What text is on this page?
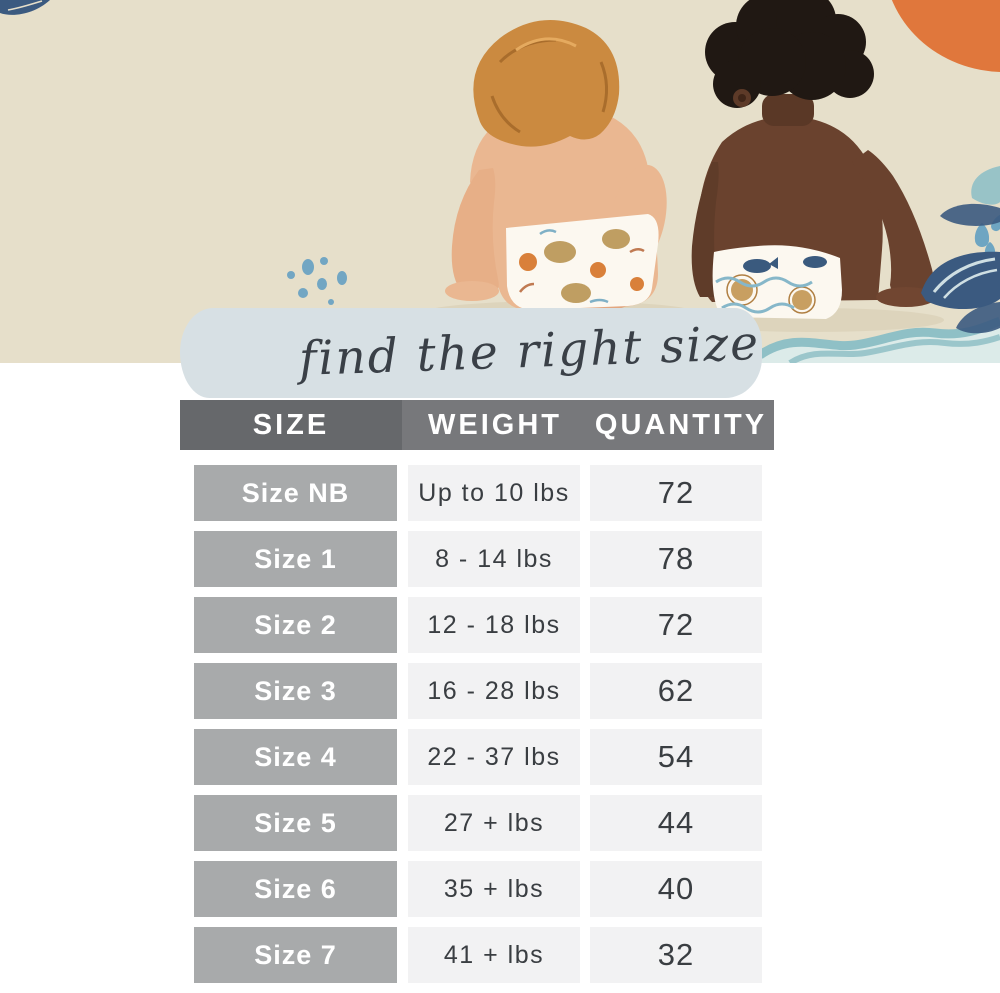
find the right size
SIZE	WEIGHT	QUANTITY
Size NB	Up to 10 lbs	72
Size 1	8 - 14 lbs	78
Size 2	12 - 18 lbs	72
Size 3	16 - 28 lbs	62
Size 4	22 - 37 lbs	54
Size 5	27 + lbs	44
Size 6	35 + lbs	40
Size 7	41 + lbs	32
